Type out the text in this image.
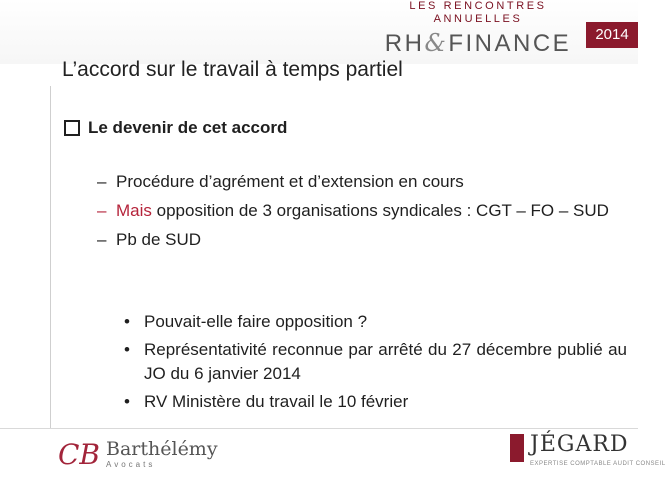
LES RENCONTRES ANNUELLES
RH&FINANCE	2014
L’accord sur le travail à temps partiel
Le devenir de cet accord
– Procédure d’agrément et d’extension en cours
– Mais opposition de 3 organisations syndicales : CGT – FO – SUD
– Pb de SUD
• Pouvait-elle faire opposition ?
• Représentativité reconnue par arrêté du 27 décembre publié au JO du 6 janvier 2014
• RV Ministère du travail le 10 février
CB Barthélémy
Avocats
JÉGARD
EXPERTISE COMPTABLE AUDIT CONSEIL
